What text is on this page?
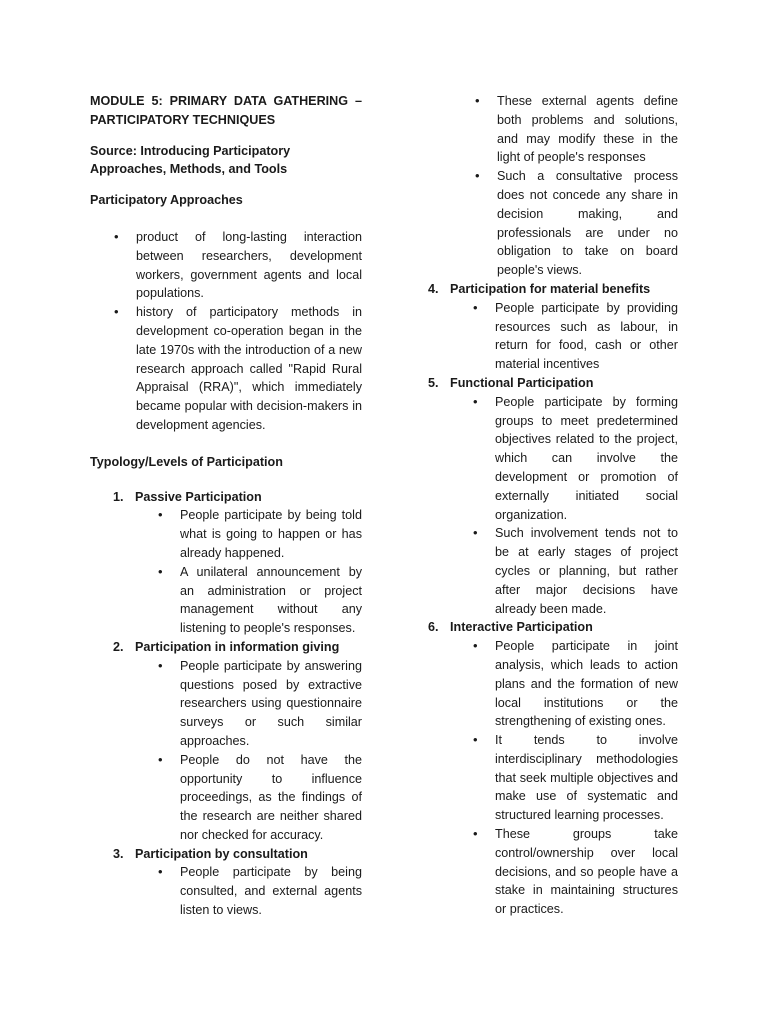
MODULE 5: PRIMARY DATA GATHERING – PARTICIPATORY TECHNIQUES

Source: Introducing Participatory Approaches, Methods, and Tools

Participatory Approaches

• product of long-lasting interaction between researchers, development workers, government agents and local populations.
• history of participatory methods in development co-operation began in the late 1970s with the introduction of a new research approach called "Rapid Rural Appraisal (RRA)", which immediately became popular with decision-makers in development agencies.

Typology/Levels of Participation

1. Passive Participation
• People participate by being told what is going to happen or has already happened.
• A unilateral announcement by an administration or project management without any listening to people's responses.
2. Participation in information giving
• People participate by answering questions posed by extractive researchers using questionnaire surveys or such similar approaches.
• People do not have the opportunity to influence proceedings, as the findings of the research are neither shared nor checked for accuracy.
3. Participation by consultation
• People participate by being consulted, and external agents listen to views.
• These external agents define both problems and solutions, and may modify these in the light of people's responses
• Such a consultative process does not concede any share in decision making, and professionals are under no obligation to take on board people's views.
4. Participation for material benefits
• People participate by providing resources such as labour, in return for food, cash or other material incentives
5. Functional Participation
• People participate by forming groups to meet predetermined objectives related to the project, which can involve the development or promotion of externally initiated social organization.
• Such involvement tends not to be at early stages of project cycles or planning, but rather after major decisions have already been made.
6. Interactive Participation
• People participate in joint analysis, which leads to action plans and the formation of new local institutions or the strengthening of existing ones.
• It tends to involve interdisciplinary methodologies that seek multiple objectives and make use of systematic and structured learning processes.
• These groups take control/ownership over local decisions, and so people have a stake in maintaining structures or practices.
